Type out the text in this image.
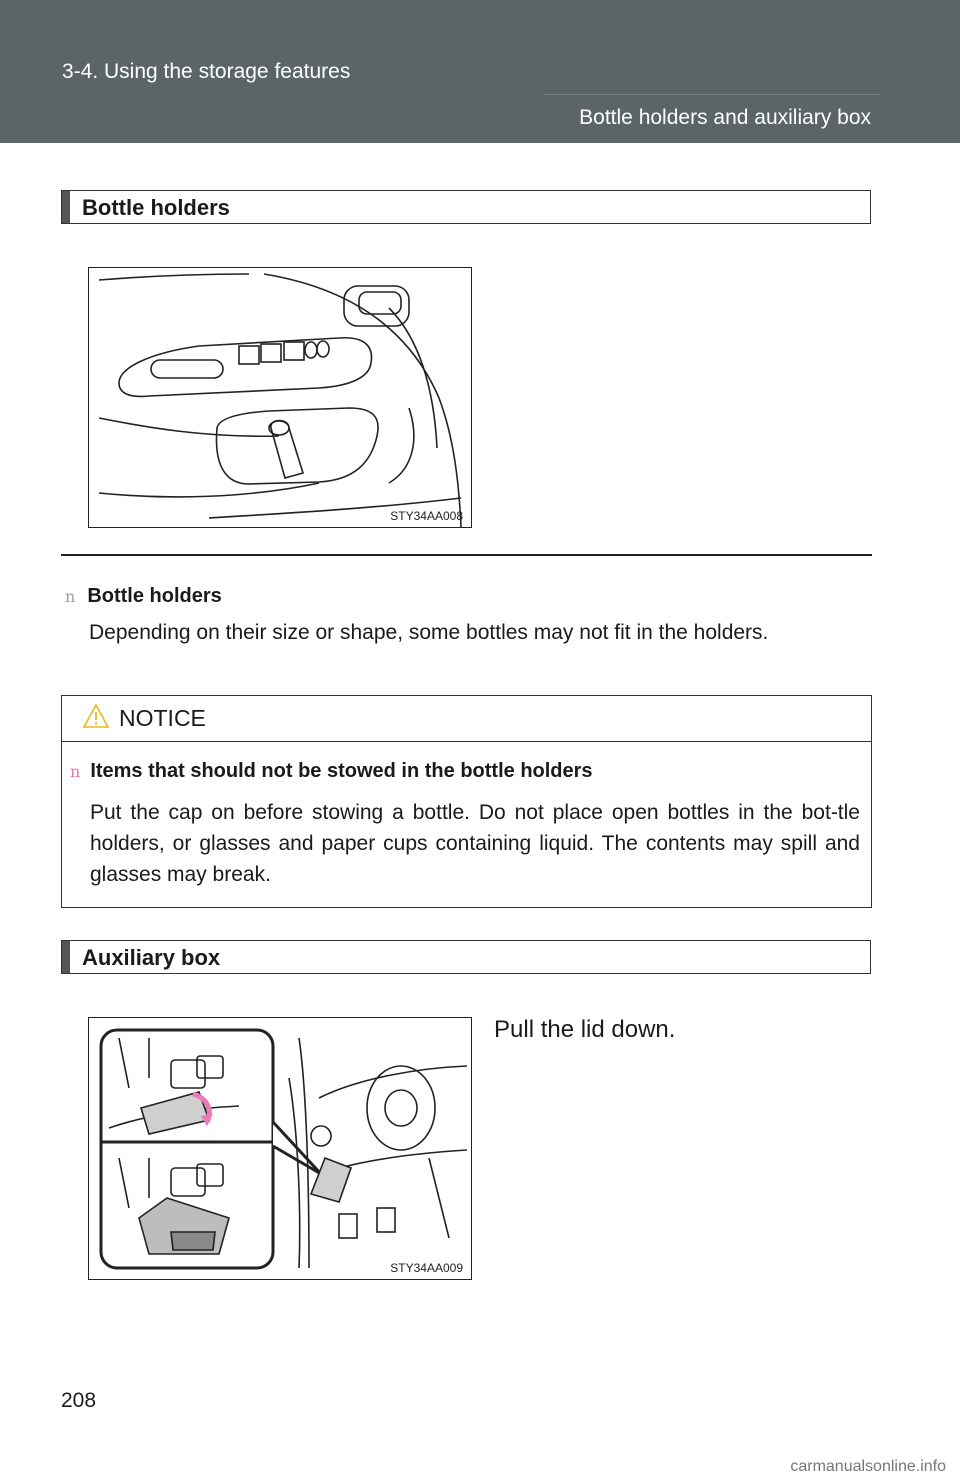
3-4. Using the storage features
Bottle holders and auxiliary box
Bottle holders
STY34AA008
n Bottle holders
Depending on their size or shape, some bottles may not fit in the holders.
NOTICE
n Items that should not be stowed in the bottle holders
Put the cap on before stowing a bottle. Do not place open bottles in the bot-tle holders, or glasses and paper cups containing liquid. The contents may spill and glasses may break.
Auxiliary box
STY34AA009
Pull the lid down.
208
carmanualsonline.info
